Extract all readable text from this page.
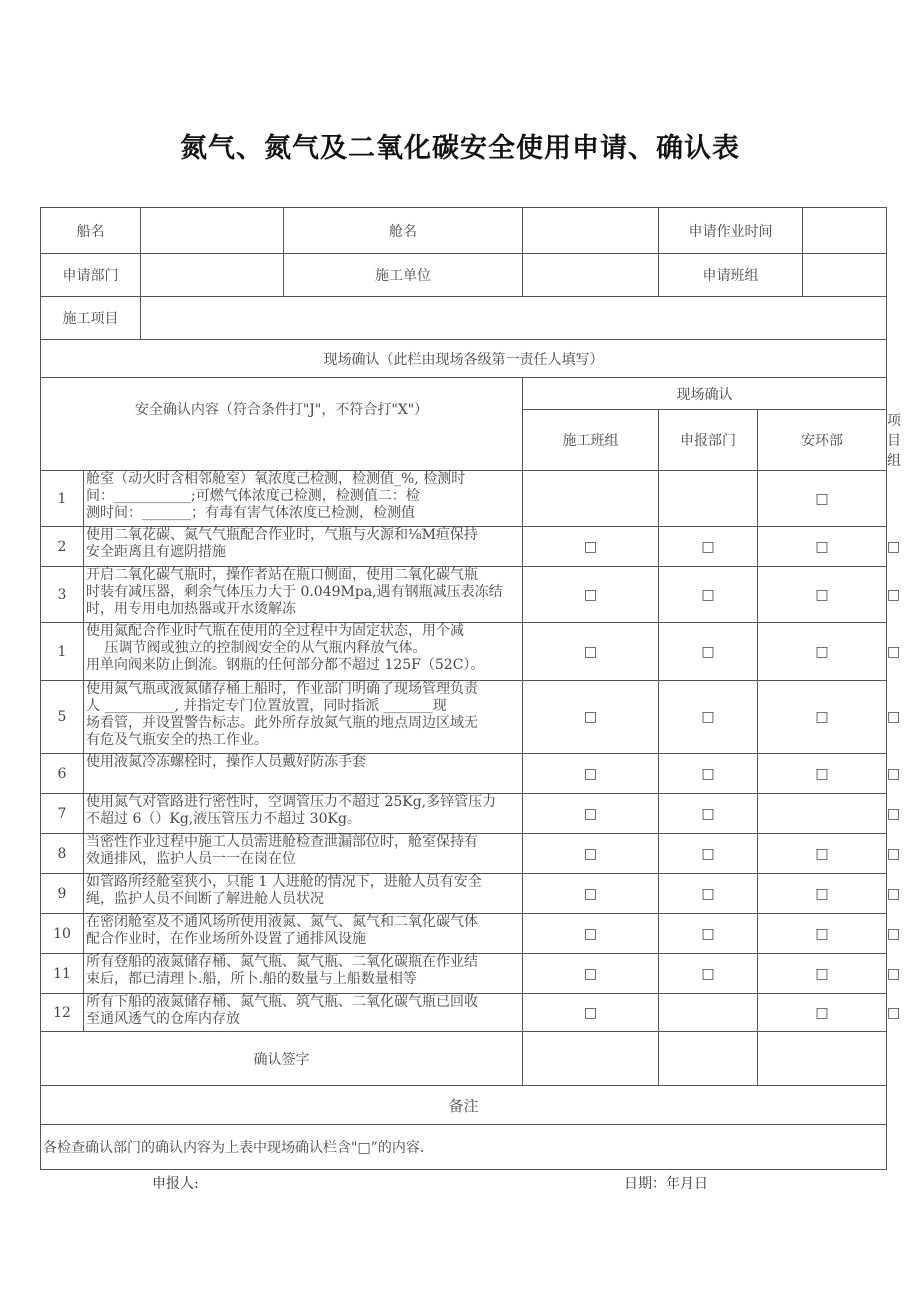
氮气、氮气及二氧化碳安全使用申请、确认表
船名			舱名		申请作业时间		

申请部门			施工单位		申请班组		

施工项目							
现场确认（此栏由现场各级第一责任人填写）							
安全确认内容（符合条件打"J"，不符合打"X"）				现场确认			
				施工班组	申报部门	安环部	项目组
1	舱室（动火时含相邻舱室）氧浓度己检测，检测值_%, 检测时
间：___________;可燃气体浓度己检测，检测值二：检
测时间：_______；有毒有害气体浓度已检测，检测值					□	

2	使用二氧花碳、氮气气瓶配合作业时，气瓶与火源和⅛M疸保持
安全距离且有遮阴措施			□	□	□	□

3	开启二氧化碳气瓶时，操作者站在瓶口侧面，使用二氧化碳气瓶
时装有减压器，剩余气体压力大于 0.049Mpa,遇有钢瓶减压表冻结
时，用专用电加热器或开水烫解冻			□	□	□	□

1	使用氮配合作业时气瓶在使用的全过程中为固定状态，用个减
　 压调节阀或独立的控制阀安全的从气瓶内释放气体。
用单向阀来防止倒流。钢瓶的任何部分都不超过 125F（52C）。			□	□	□	□

5	使用氮气瓶或液氮储存桶上船时，作业部门明确了现场管理负责
人 __________, 并指定专门位置放置，同时指派 _______现
场看管，并设置警告标志。此外所存放氮气瓶的地点周边区域无
有危及气瓶安全的热工作业。			□	□	□	□

6	使用液氮冷冻螺栓时，操作人员戴好防冻手套			□	□	□	□

7	使用氮气对管路进行密性时，空调管压力不超过 25Kg,多锌管压力
不超过 6（）Kg,液压管压力不超过 30Kg。			□	□		□

8	当密性作业过程中施工人员需进舱检查泄漏部位时，舱室保持有
效通排风，监护人员一一在岗在位			□	□	□	□

9	如管路所经舱室狭小，只能 1 人进舱的情况下，进舱人员有安全
绳，监护人员不间断了解进舱人员状况			□	□	□	□

10	在密闭舱室及不通风场所使用液氮、氮气、氮气和二氧化碳气体
配合作业时，在作业场所外设置了通排风设施			□	□	□	□

11	所有登船的液氮储存桶、氮气瓶、氮气瓶、二氧化碳瓶在作业结
束后，都已清理卜.船，所卜.船的数量与上船数量相等			□	□	□	□

12	所有下船的液氮储存桶、氮气瓶、筑气瓶、二氧化碳气瓶已回收
至通风透气的仓库内存放			□		□	□

确认签字							
备注							
各检查确认部门的确认内容为上表中现场确认栏含"□”的内容.							
申报人:	日期：年月日
